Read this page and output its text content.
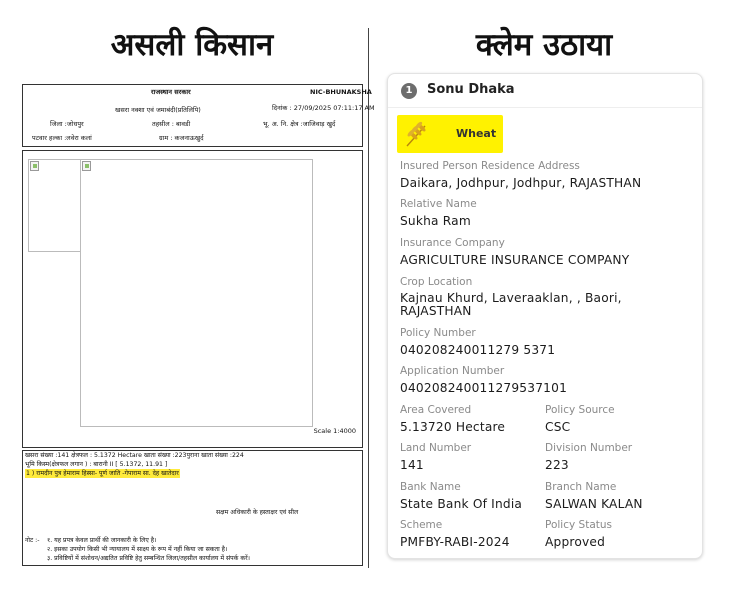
असली किसान	क्लेम उठाया
राजस्थान सरकार	NIC-BHUNAKSHA
खसरा नक्शा एवं जमाबंदी(प्रतिलिपि)	दिनांक : 27/09/2025 07:11:17 AM
जिला :जोधपुर	तहसील : बावडी	भू. अ. नि. क्षेत्र :जाजिवाड़ खुर्द
पटवार हल्का :लवेरा कलां	ग्राम : कजनाऊखुर्द
Scale 1:4000
खसरा संख्या :141 क्षेत्रफल : 5.1372 Hectare खाता संख्या :223पुराना खाता संख्या :224
भूमि किस्म(क्षेत्रफल लगान ) : बारानी II [ 5.1372, 11.91 ]
1 ) रामदीन पुत्र हेमाराम हिस्सा- पूर्ण जाति -गेपाराम सा. देह खातेदार
सक्षम अधिकारी के हस्ताक्षर एवं सील
नोट :- १. यह प्रपत्र केवल प्रार्थी की जानकारी के लिए है।
२. इसका उपयोग किसी भी न्यायालय में साक्ष्य के रूप में नहीं किया जा सकता है।
३. प्रविष्टियों में संशोधन/अद्यतित प्रविष्टि हेतु सम्बन्धित जिला/तहसील कार्यालय में संपर्क करें।
1	Sonu Dhaka
Wheat
Insured Person Residence Address
Daikara, Jodhpur, Jodhpur, RAJASTHAN
Relative Name
Sukha Ram
Insurance Company
AGRICULTURE INSURANCE COMPANY
Crop Location
Kajnau Khurd, Laveraaklan, , Baori, RAJASTHAN
Policy Number
040208240011279 5371
Application Number
040208240011279537101
Area Covered
5.13720 Hectare
Policy Source
CSC
Land Number
141
Division Number
223
Bank Name
State Bank Of India
Branch Name
SALWAN KALAN
Scheme
PMFBY-RABI-2024
Policy Status
Approved
